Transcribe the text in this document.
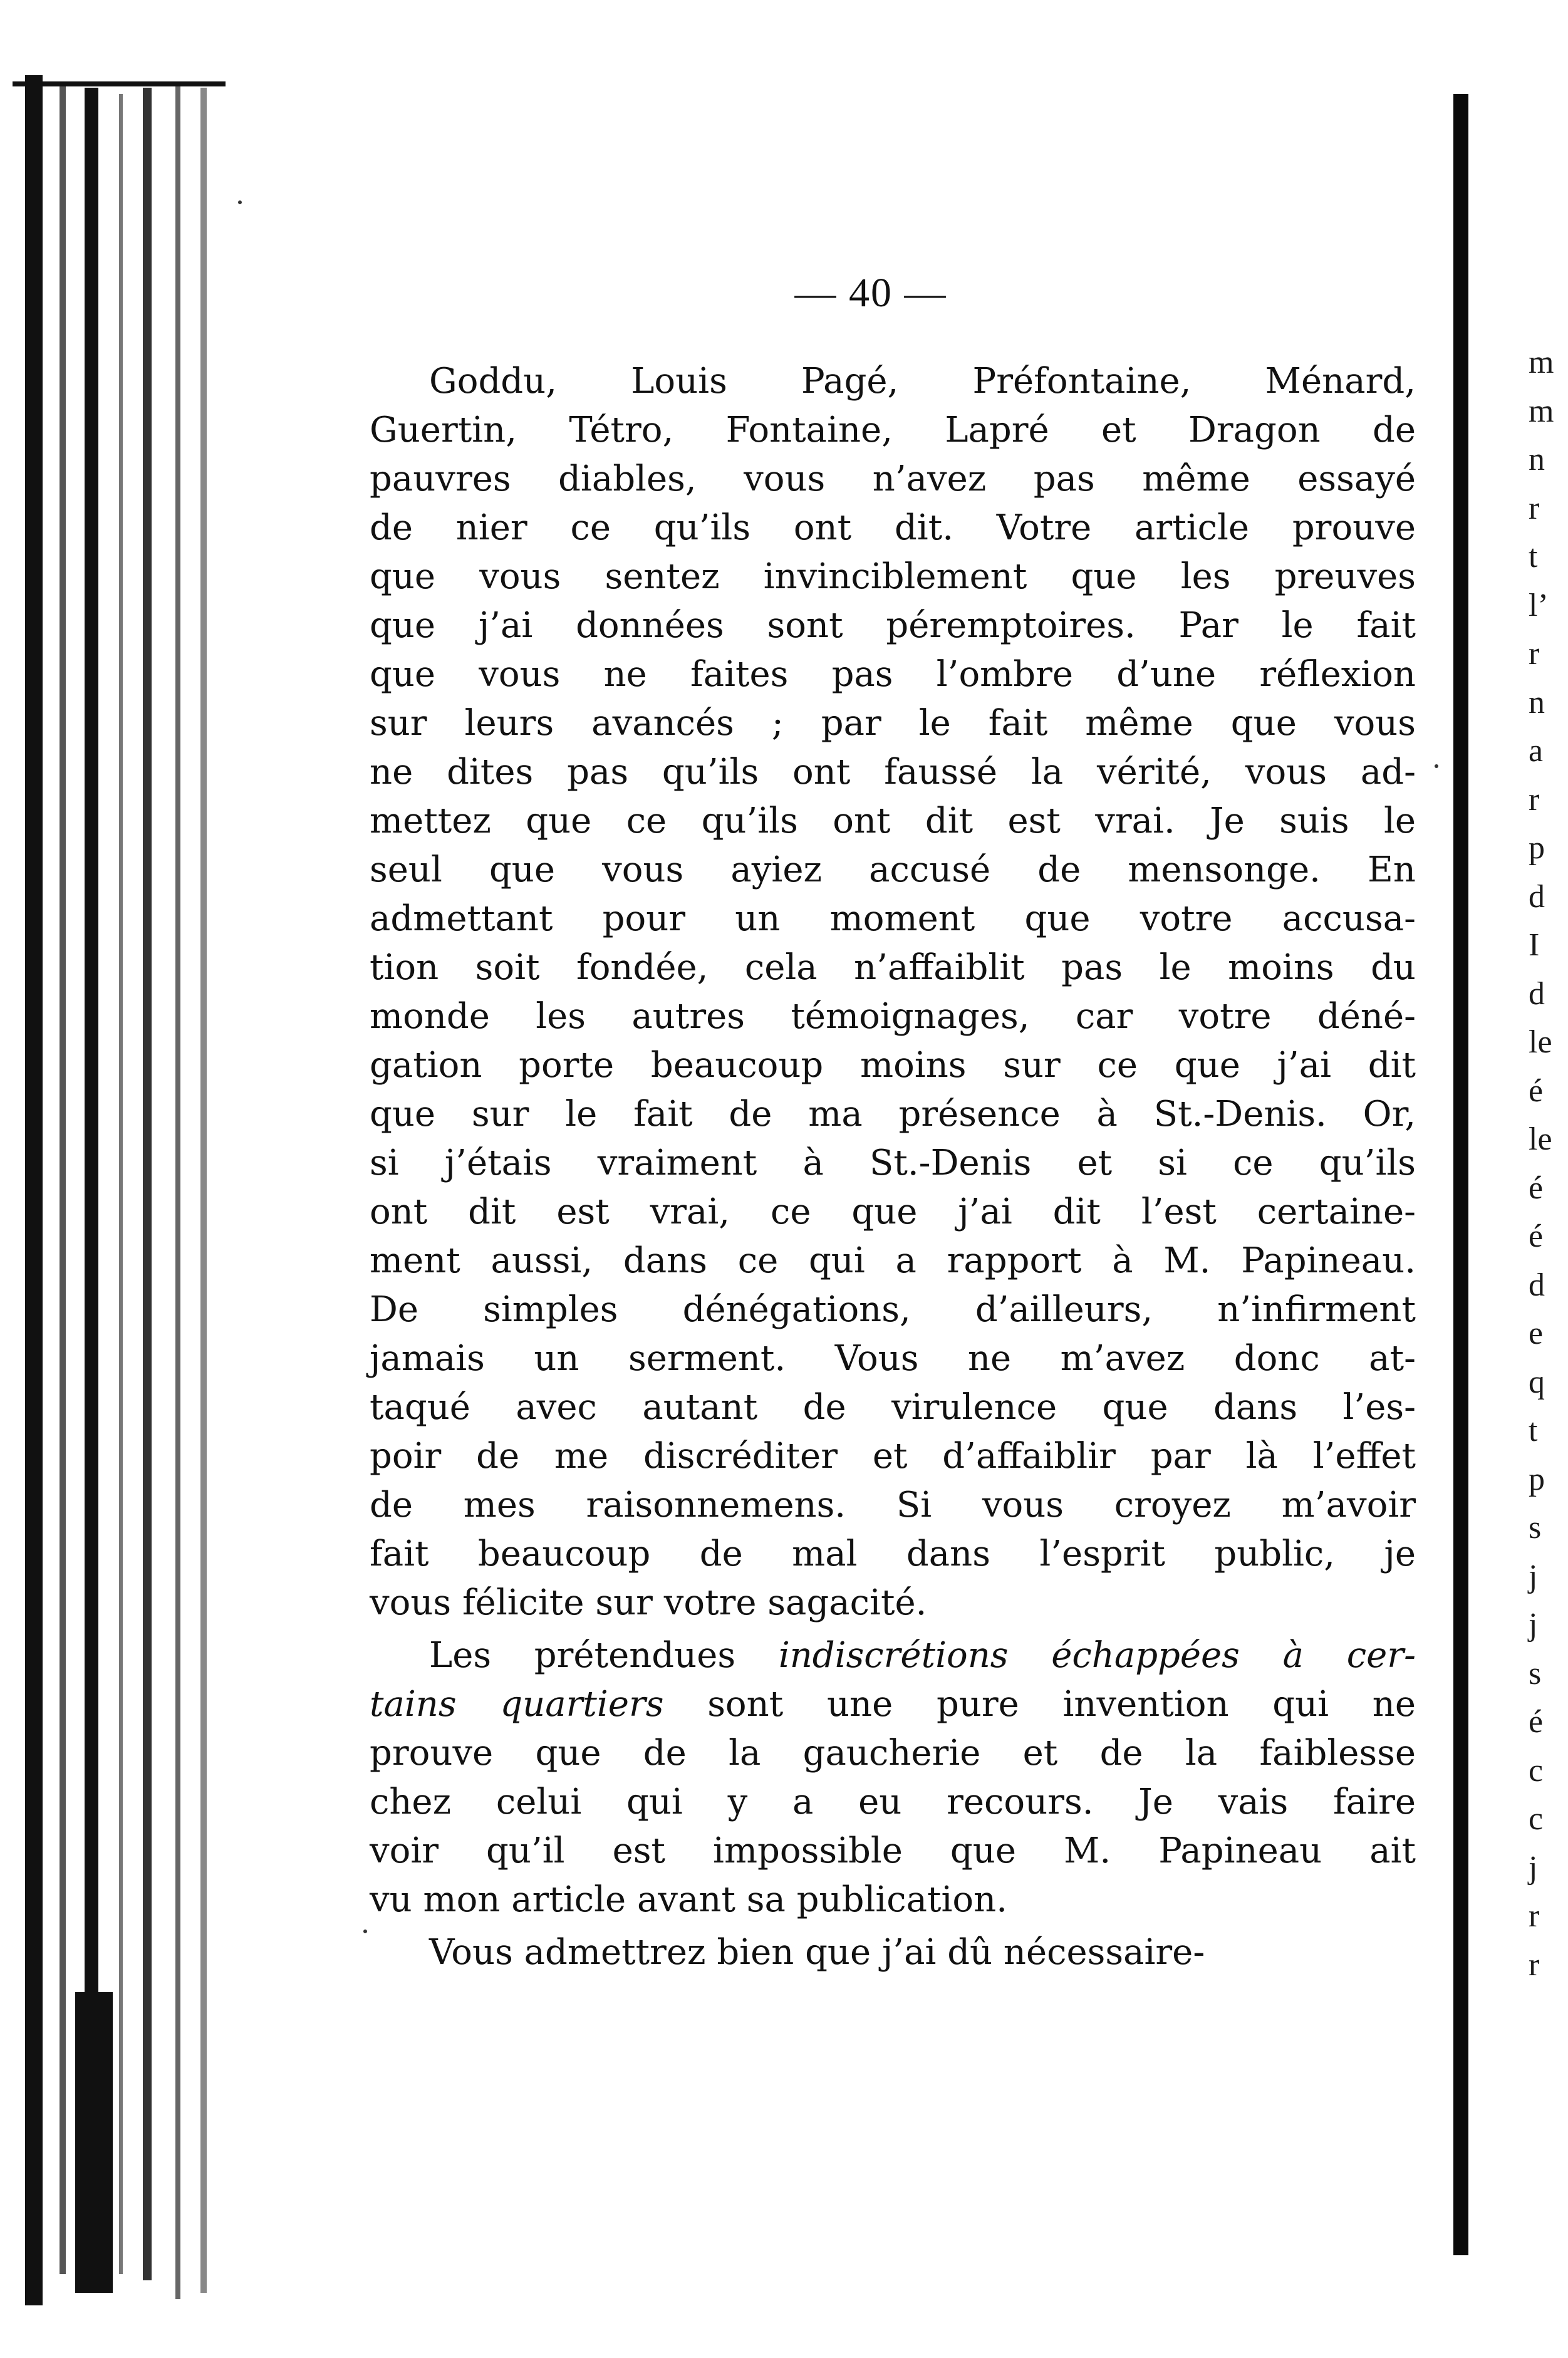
m
m
n
r
t
l’
r
n
a
r
p
d
I
d
le
é
le
é
é
d
e
q
t
p
s
j
j
s
é
c
c
j
r
r
— 40 —
Goddu, Louis Pagé, Préfontaine, Ménard,
Guertin, Tétro, Fontaine, Lapré et Dragon de
pauvres diables, vous n’avez pas même essayé
de nier ce qu’ils ont dit. Votre article prouve
que vous sentez invinciblement que les preuves
que j’ai données sont péremptoires. Par le fait
que vous ne faites pas l’ombre d’une réflexion
sur leurs avancés ; par le fait même que vous
ne dites pas qu’ils ont faussé la vérité, vous ad-
mettez que ce qu’ils ont dit est vrai. Je suis le
seul que vous ayiez accusé de mensonge. En
admettant pour un moment que votre accusa-
tion soit fondée, cela n’affaiblit pas le moins du
monde les autres témoignages, car votre déné-
gation porte beaucoup moins sur ce que j’ai dit
que sur le fait de ma présence à St.-Denis. Or,
si j’étais vraiment à St.-Denis et si ce qu’ils
ont dit est vrai, ce que j’ai dit l’est certaine-
ment aussi, dans ce qui a rapport à M. Papineau.
De simples dénégations, d’ailleurs, n’infirment
jamais un serment. Vous ne m’avez donc at-
taqué avec autant de virulence que dans l’es-
poir de me discréditer et d’affaiblir par là l’effet
de mes raisonnemens. Si vous croyez m’avoir
fait beaucoup de mal dans l’esprit public, je
vous félicite sur votre sagacité.
Les prétendues indiscrétions échappées à cer-
tains quartiers sont une pure invention qui ne
prouve que de la gaucherie et de la faiblesse
chez celui qui y a eu recours. Je vais faire
voir qu’il est impossible que M. Papineau ait
vu mon article avant sa publication.
Vous admettrez bien que j’ai dû nécessaire-
